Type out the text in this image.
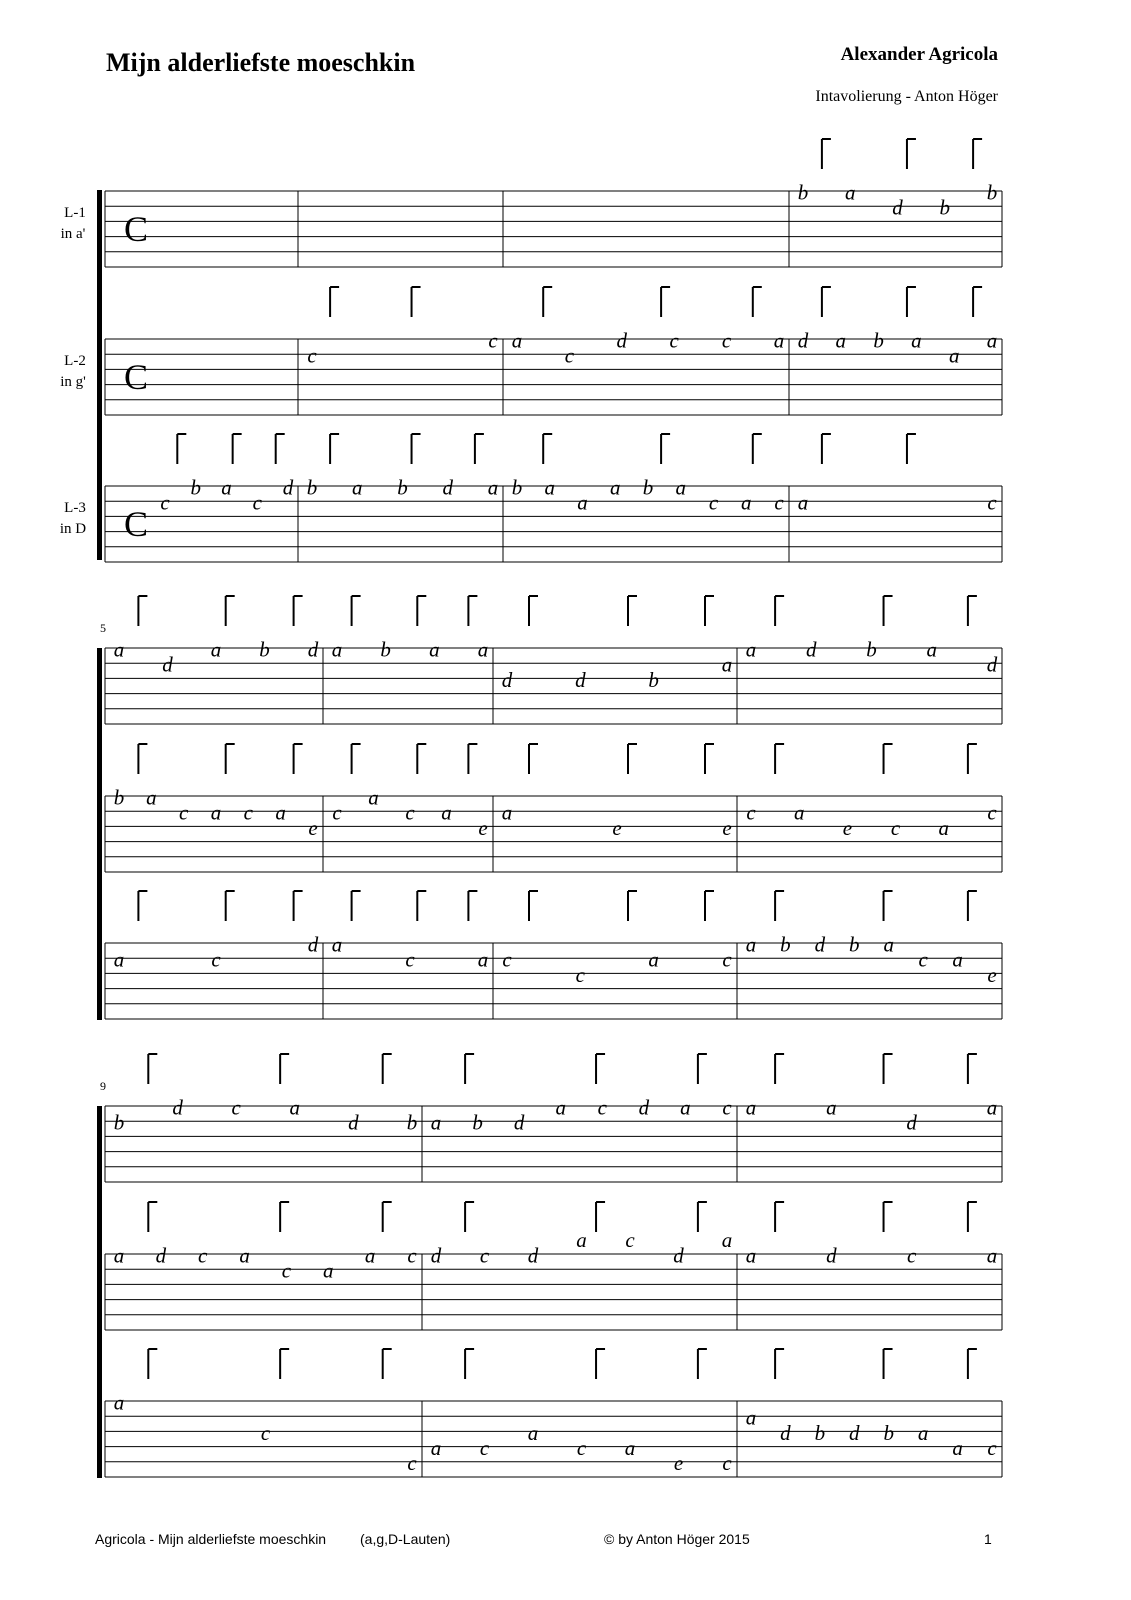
Mijn alderliefste moeschkin	Alexander Agricola
Intavolierung - Anton Höger
C
L-1
in a'
b a
d b
b
C
L-2
in g'
c
c a
c
d c c a d a b a
a
a
C
L-3
in D
c
b a
c
d b a b d a b a
a
a b a
c a c a	c
5
a
d
a b d a b a a
d	d	b
a
a d b a
d
b a
c a c a
e
c
a
c a
e
a
e	e
c a
e c a
c
a	c
d a
c	a c
c
a	c
a b d b a
c a
e
9
b
d c a
d b a b d
a c d a c a	a
d
a
a d c a
c a
a c d c d
a c
d
a
a	d	c	a
a
c
c
a c
a
c a
e c
a
d b d b a
a c
Agricola - Mijn alderliefste moeschkin (a,g,D-Lauten)	© by Anton Höger 2015	1
